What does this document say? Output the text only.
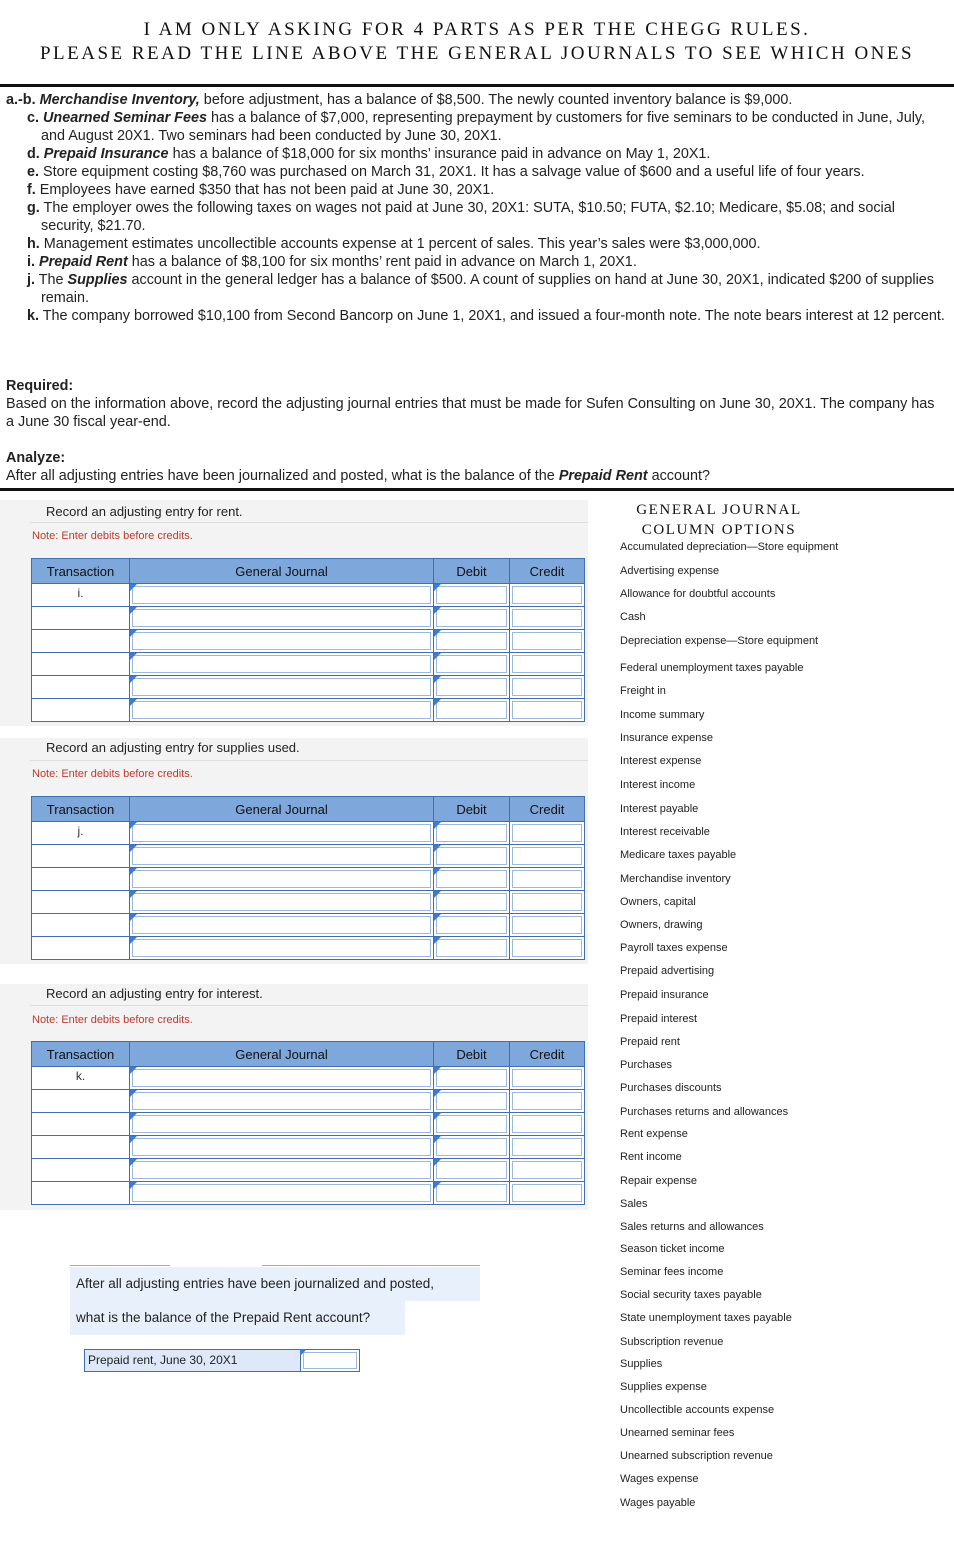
I AM ONLY ASKING FOR 4 PARTS AS PER THE CHEGG RULES.
PLEASE READ THE LINE ABOVE THE GENERAL JOURNALS TO SEE WHICH ONES
a.-b. Merchandise Inventory, before adjustment, has a balance of $8,500. The newly counted inventory balance is $9,000.
c. Unearned Seminar Fees has a balance of $7,000, representing prepayment by customers for five seminars to be conducted in June, July, and August 20X1. Two seminars had been conducted by June 30, 20X1.
d. Prepaid Insurance has a balance of $18,000 for six months’ insurance paid in advance on May 1, 20X1.
e. Store equipment costing $8,760 was purchased on March 31, 20X1. It has a salvage value of $600 and a useful life of four years.
f. Employees have earned $350 that has not been paid at June 30, 20X1.
g. The employer owes the following taxes on wages not paid at June 30, 20X1: SUTA, $10.50; FUTA, $2.10; Medicare, $5.08; and social security, $21.70.
h. Management estimates uncollectible accounts expense at 1 percent of sales. This year’s sales were $3,000,000.
i. Prepaid Rent has a balance of $8,100 for six months’ rent paid in advance on March 1, 20X1.
j. The Supplies account in the general ledger has a balance of $500. A count of supplies on hand at June 30, 20X1, indicated $200 of supplies remain.
k. The company borrowed $10,100 from Second Bancorp on June 1, 20X1, and issued a four-month note. The note bears interest at 12 percent.
Required:
Based on the information above, record the adjusting journal entries that must be made for Sufen Consulting on June 30, 20X1. The company has a June 30 fiscal year-end.
Analyze:
After all adjusting entries have been journalized and posted, what is the balance of the Prepaid Rent account?
GENERAL JOURNAL
COLUMN OPTIONS
Accumulated depreciation—Store equipment
Advertising expense
Allowance for doubtful accounts
Cash
Depreciation expense—Store equipment
Federal unemployment taxes payable
Freight in
Income summary
Insurance expense
Interest expense
Interest income
Interest payable
Interest receivable
Medicare taxes payable
Merchandise inventory
Owners, capital
Owners, drawing
Payroll taxes expense
Prepaid advertising
Prepaid insurance
Prepaid interest
Prepaid rent
Purchases
Purchases discounts
Purchases returns and allowances
Rent expense
Rent income
Repair expense
Sales
Sales returns and allowances
Season ticket income
Seminar fees income
Social security taxes payable
State unemployment taxes payable
Subscription revenue
Supplies
Supplies expense
Uncollectible accounts expense
Unearned seminar fees
Unearned subscription revenue
Wages expense
Wages payable
Record an adjusting entry for rent.
Note: Enter debits before credits.
Transaction	General Journal	Debit	Credit
i.	

Record an adjusting entry for supplies used.
Note: Enter debits before credits.
Transaction	General Journal	Debit	Credit
j.	

Record an adjusting entry for interest.
Note: Enter debits before credits.
Transaction	General Journal	Debit	Credit
k.	

After all adjusting entries have been journalized and posted,
what is the balance of the Prepaid Rent account?
Prepaid rent, June 30, 20X1
